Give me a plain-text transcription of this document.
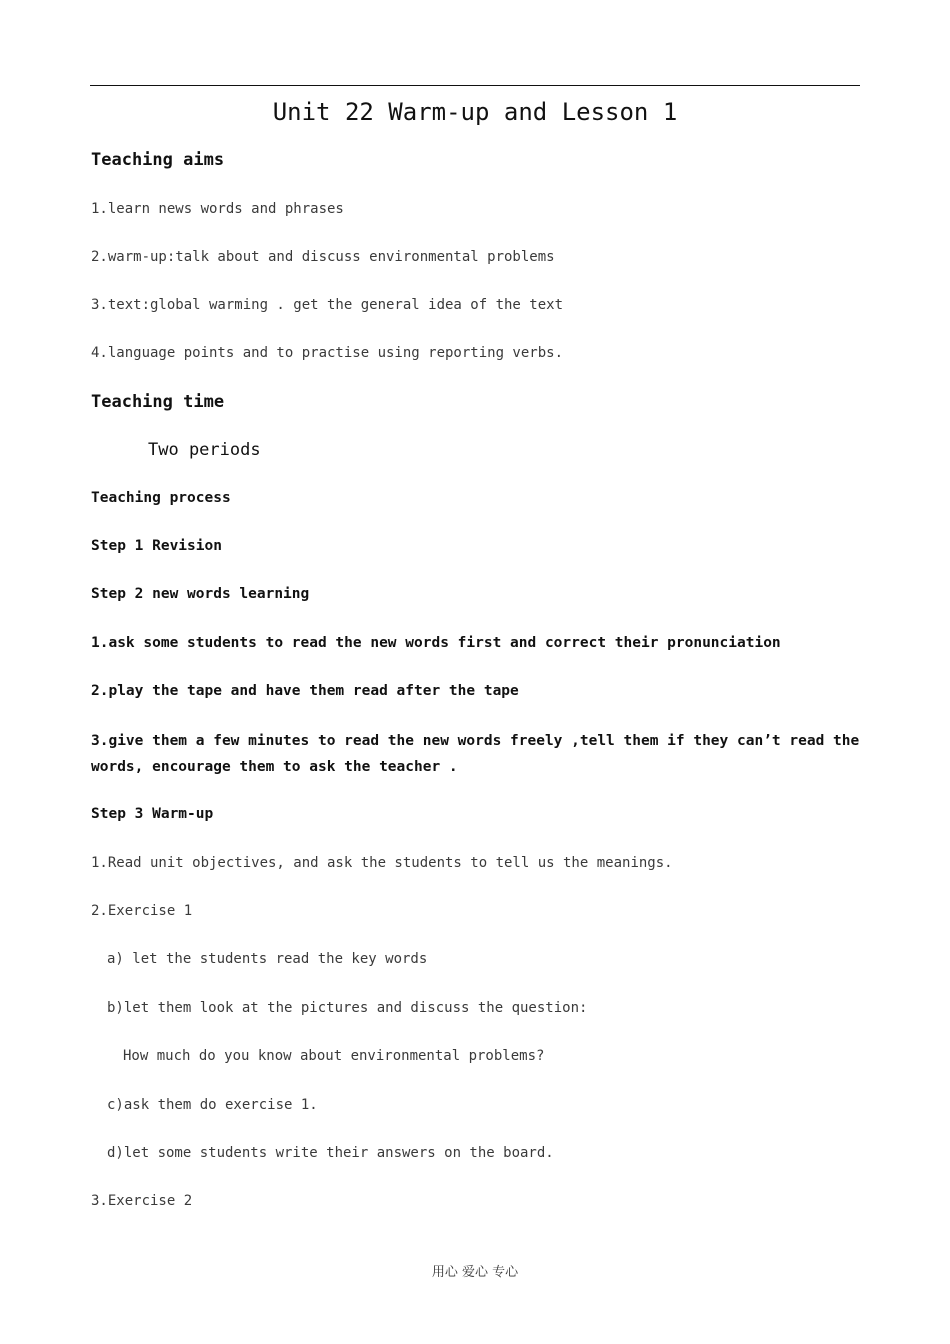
Unit 22 Warm-up and Lesson 1
Teaching aims
1.learn news words and phrases
2.warm-up:talk about and discuss environmental problems
3.text:global warming . get the general idea of the text
4.language points and to practise using reporting verbs.
Teaching time
Two periods
Teaching process
Step 1 Revision
Step 2 new words learning
1.ask some students to read the new words first and correct their pronunciation
2.play the tape and have them read after the tape
3.give them a few minutes to read the new words freely ,tell them if they can’t read the words, encourage them to ask the teacher .
Step 3 Warm-up
1.Read unit objectives, and ask the students to tell us the meanings.
2.Exercise 1
a) let the students read the key words
b)let them look at the pictures and discuss the question:
How much do you know about environmental problems?
c)ask them do exercise 1.
d)let some students write their answers on the board.
3.Exercise 2
用心 爱心 专心
